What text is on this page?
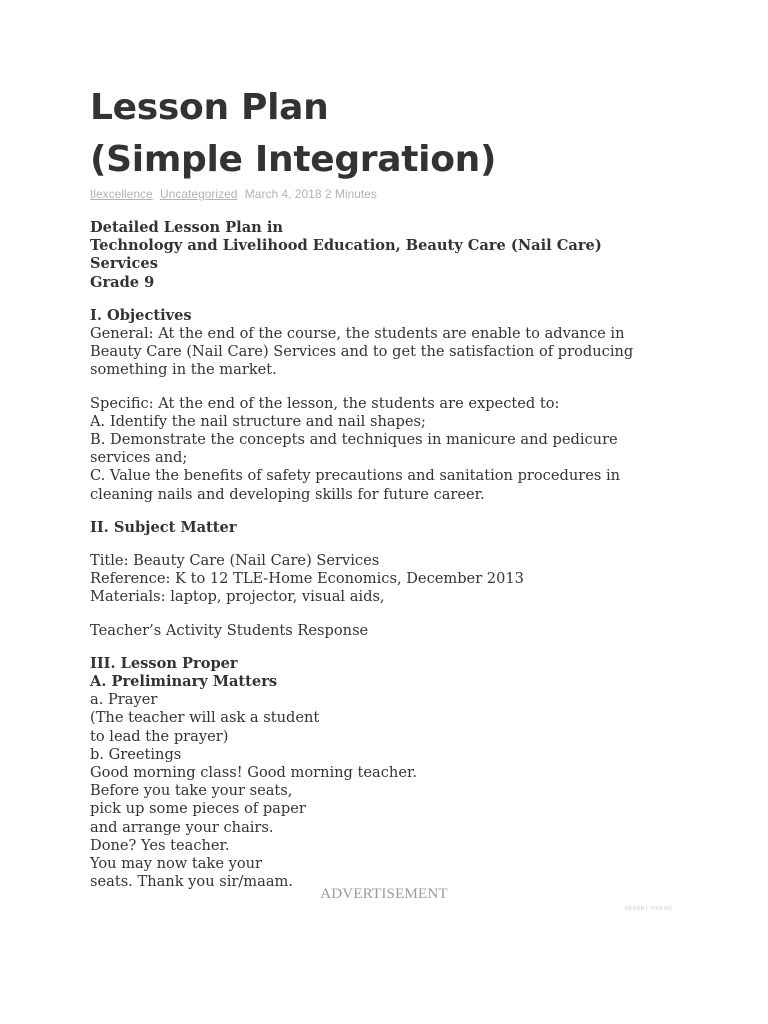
Lesson Plan
(Simple Integration)
tlexcellence Uncategorized March 4, 2018 2 Minutes

Detailed Lesson Plan in

Technology and Livelihood Education, Beauty Care (Nail Care)

Services

Grade 9

I. Objectives

General: At the end of the course, the students are enable to advance in

Beauty Care (Nail Care) Services and to get the satisfaction of producing

something in the market.

Specific: At the end of the lesson, the students are expected to:

A. Identify the nail structure and nail shapes;

B. Demonstrate the concepts and techniques in manicure and pedicure

services and;

C. Value the benefits of safety precautions and sanitation procedures in

cleaning nails and developing skills for future career.

II. Subject Matter

Title: Beauty Care (Nail Care) Services

Reference: K to 12 TLE-Home Economics, December 2013

Materials: laptop, projector, visual aids,

Teacher’s Activity Students Response

III. Lesson Proper

A. Preliminary Matters

a. Prayer

(The teacher will ask a student

to lead the prayer)

b. Greetings

Good morning class! Good morning teacher.

Before you take your seats,

pick up some pieces of paper

and arrange your chairs.

Done? Yes teacher.

You may now take your

seats. Thank you sir/maam.

ADVERTISEMENT
REPORT THIS AD
